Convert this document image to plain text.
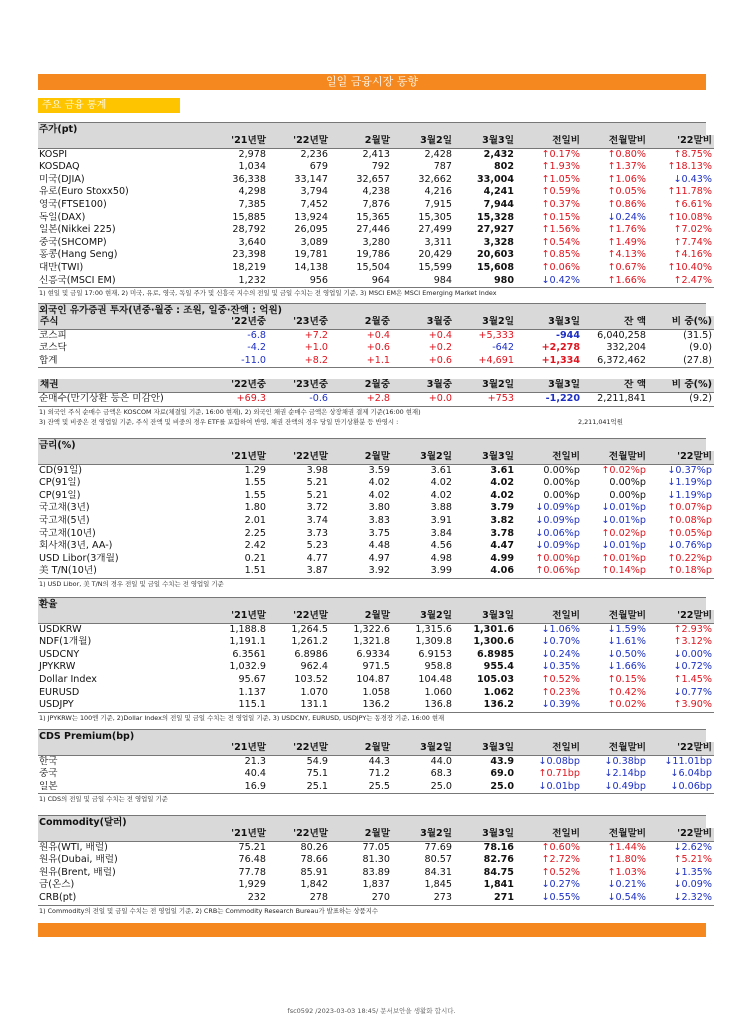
일일 금융시장 동향
주요 금융 통계
주가(pt)
	'21년말	'22년말	2월말	3월2일	3월3일	전일비	전월말비	'22말비
KOSPI	2,978	2,236	2,413	2,428	2,432	↑0.17%	↑0.80%	↑8.75%
KOSDAQ	1,034	679	792	787	802	↑1.93%	↑1.37%	↑18.13%
미국(DJIA)	36,338	33,147	32,657	32,662	33,004	↑1.05%	↑1.06%	↓0.43%
유로(Euro Stoxx50)	4,298	3,794	4,238	4,216	4,241	↑0.59%	↑0.05%	↑11.78%
영국(FTSE100)	7,385	7,452	7,876	7,915	7,944	↑0.37%	↑0.86%	↑6.61%
독일(DAX)	15,885	13,924	15,365	15,305	15,328	↑0.15%	↓0.24%	↑10.08%
일본(Nikkei 225)	28,792	26,095	27,446	27,499	27,927	↑1.56%	↑1.76%	↑7.02%
중국(SHCOMP)	3,640	3,089	3,280	3,311	3,328	↑0.54%	↑1.49%	↑7.74%
홍콩(Hang Seng)	23,398	19,781	19,786	20,429	20,603	↑0.85%	↑4.13%	↑4.16%
대만(TWI)	18,219	14,138	15,504	15,599	15,608	↑0.06%	↑0.67%	↑10.40%
신흥국(MSCI EM)	1,232	956	964	984	980	↓0.42%	↑1.66%	↑2.47%
1) 현일 및 금일 17:00 현재, 2) 미국, 유로, 영국, 독일 주가 및 신흥국 지수의 전일 및 금일 수치는 전 영업일 기준, 3) MSCI EM은 MSCI Emerging Market Index
외국인 유가증권 투자(년중·월중 : 조원, 일중·잔액 : 억원)
주식	'22년중	'23년중	2월중	3월중	3월2일	3월3일	잔 액	비 중(%)
코스피	-6.8	+7.2	+0.4	+0.4	+5,333	-944	6,040,258	(31.5)
코스닥	-4.2	+1.0	+0.6	+0.2	-642	+2,278	332,204	(9.0)
합계	-11.0	+8.2	+1.1	+0.6	+4,691	+1,334	6,372,462	(27.8)
채권	'22년중	'23년중	2월중	3월중	3월2일	3월3일	잔 액	비 중(%)
순매수(만기상환 등은 미감안)	+69.3	-0.6	+2.8	+0.0	+753	-1,220	2,211,841	(9.2)
1) 외국인 주식 순매수 금액은 KOSCOM 자료(체결일 기준, 16:00 현재), 2) 외국인 채권 순매수 금액은 상장채권 결제 기준(16:00 현재)
3) 잔액 및 비중은 전 영업일 기준, 주식 잔액 및 비중의 경우 ETF를 포함하여 반영, 채권 잔액의 경우 당일 만기상환분 등 반영시 :	2,211,041억원
금리(%)
	'21년말	'22년말	2월말	3월2일	3월3일	전일비	전월말비	'22말비
CD(91일)	1.29	3.98	3.59	3.61	3.61	0.00%p	↑0.02%p	↓0.37%p
CP(91일)	1.55	5.21	4.02	4.02	4.02	0.00%p	0.00%p	↓1.19%p
CP(91일)	1.55	5.21	4.02	4.02	4.02	0.00%p	0.00%p	↓1.19%p
국고채(3년)	1.80	3.72	3.80	3.88	3.79	↓0.09%p	↓0.01%p	↑0.07%p
국고채(5년)	2.01	3.74	3.83	3.91	3.82	↓0.09%p	↓0.01%p	↑0.08%p
국고채(10년)	2.25	3.73	3.75	3.84	3.78	↓0.06%p	↑0.02%p	↑0.05%p
회사채(3년, AA-)	2.42	5.23	4.48	4.56	4.47	↓0.09%p	↓0.01%p	↓0.76%p
USD Libor(3개월)	0.21	4.77	4.97	4.98	4.99	↑0.00%p	↑0.01%p	↑0.22%p
美 T/N(10년)	1.51	3.87	3.92	3.99	4.06	↑0.06%p	↑0.14%p	↑0.18%p
1) USD Libor, 美 T/N의 경우 전일 및 금일 수치는 전 영업일 기준
환율
	'21년말	'22년말	2월말	3월2일	3월3일	전일비	전월말비	'22말비
USDKRW	1,188.8	1,264.5	1,322.6	1,315.6	1,301.6	↓1.06%	↓1.59%	↑2.93%
NDF(1개월)	1,191.1	1,261.2	1,321.8	1,309.8	1,300.6	↓0.70%	↓1.61%	↑3.12%
USDCNY	6.3561	6.8986	6.9334	6.9153	6.8985	↓0.24%	↓0.50%	↓0.00%
JPYKRW	1,032.9	962.4	971.5	958.8	955.4	↓0.35%	↓1.66%	↓0.72%
Dollar Index	95.67	103.52	104.87	104.48	105.03	↑0.52%	↑0.15%	↑1.45%
EURUSD	1.137	1.070	1.058	1.060	1.062	↑0.23%	↑0.42%	↓0.77%
USDJPY	115.1	131.1	136.2	136.8	136.2	↓0.39%	↑0.02%	↑3.90%
1) JPYKRW는 100엔 기준, 2)Dollar Index의 전일 및 금일 수치는 전 영업일 기준, 3) USDCNY, EURUSD, USDJPY는 동경장 기준, 16:00 현재
CDS Premium(bp)
	'21년말	'22년말	2월말	3월2일	3월3일	전일비	전월말비	'22말비
한국	21.3	54.9	44.3	44.0	43.9	↓0.08bp	↓0.38bp	↓11.01bp
중국	40.4	75.1	71.2	68.3	69.0	↑0.71bp	↓2.14bp	↓6.04bp
일본	16.9	25.1	25.5	25.0	25.0	↓0.01bp	↓0.49bp	↓0.06bp
1) CDS의 전일 및 금일 수치는 전 영업일 기준
Commodity(달러)
	'21년말	'22년말	2월말	3월2일	3월3일	전일비	전월말비	'22말비
원유(WTI, 배럴)	75.21	80.26	77.05	77.69	78.16	↑0.60%	↑1.44%	↓2.62%
원유(Dubai, 배럴)	76.48	78.66	81.30	80.57	82.76	↑2.72%	↑1.80%	↑5.21%
원유(Brent, 배럴)	77.78	85.91	83.89	84.31	84.75	↑0.52%	↑1.03%	↓1.35%
금(온스)	1,929	1,842	1,837	1,845	1,841	↓0.27%	↓0.21%	↓0.09%
CRB(pt)	232	278	270	273	271	↓0.55%	↓0.54%	↓2.32%
1) Commodity의 전일 및 금일 수치는 전 영업일 기준, 2) CRB는 Commodity Research Bureau가 발표하는 상품지수
fsc0592 /2023-03-03 18:45/ 문서보안을 생활화 합시다.
